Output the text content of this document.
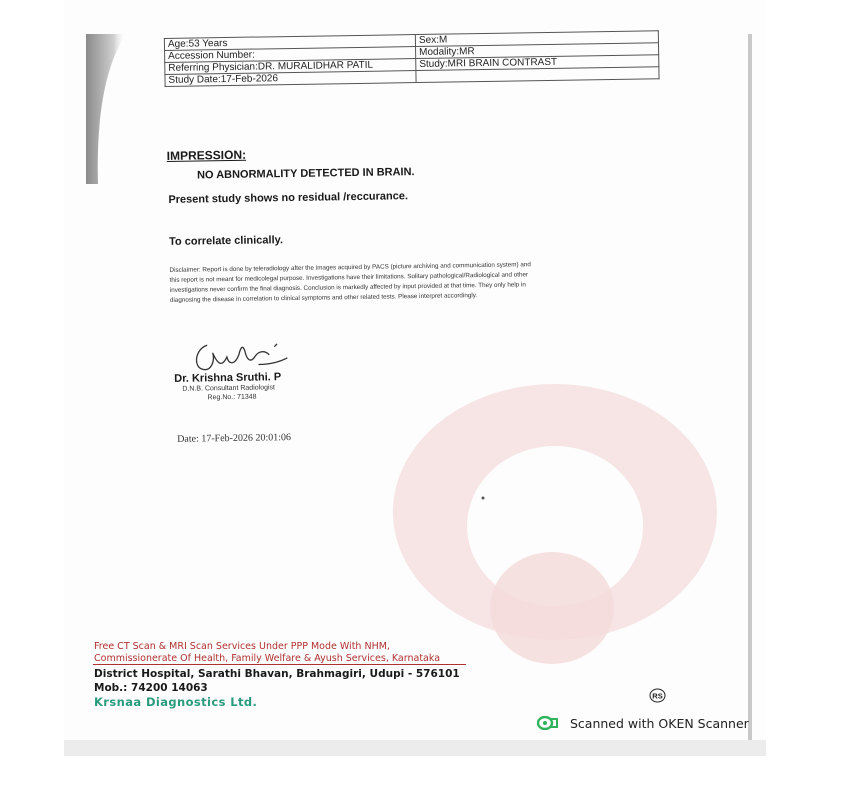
Age:53 Years	Sex:M
Accession Number:	Modality:MR
Referring Physician:DR. MURALIDHAR PATIL	Study:MRI BRAIN CONTRAST
Study Date:17-Feb-2026	
IMPRESSION:
NO ABNORMALITY DETECTED IN BRAIN.
Present study shows no residual /reccurance.
To correlate clinically.
Disclaimer: Report is done by teleradiology after the images acquired by PACS (picture archiving and communication system) and
this report is not meant for medicolegal purpose. Investigations have their limitations. Solitary pathological/Radiological and other
investigations never confirm the final diagnosis. Conclusion is markedly affected by input provided at that time. They only help in
diagnosing the disease in correlation to clinical symptoms and other related tests. Please interpret accordingly.
Dr. Krishna Sruthi. P
D.N.B. Consultant Radiologist
Reg.No.: 71348
Date: 17-Feb-2026 20:01:06
Free CT Scan & MRI Scan Services Under PPP Mode With NHM,
Commissionerate Of Health, Family Welfare & Ayush Services, Karnataka
District Hospital, Sarathi Bhavan, Brahmagiri, Udupi - 576101
Mob.: 74200 14063
Krsnaa Diagnostics Ltd.	RS
Scanned with OKEN Scanner
